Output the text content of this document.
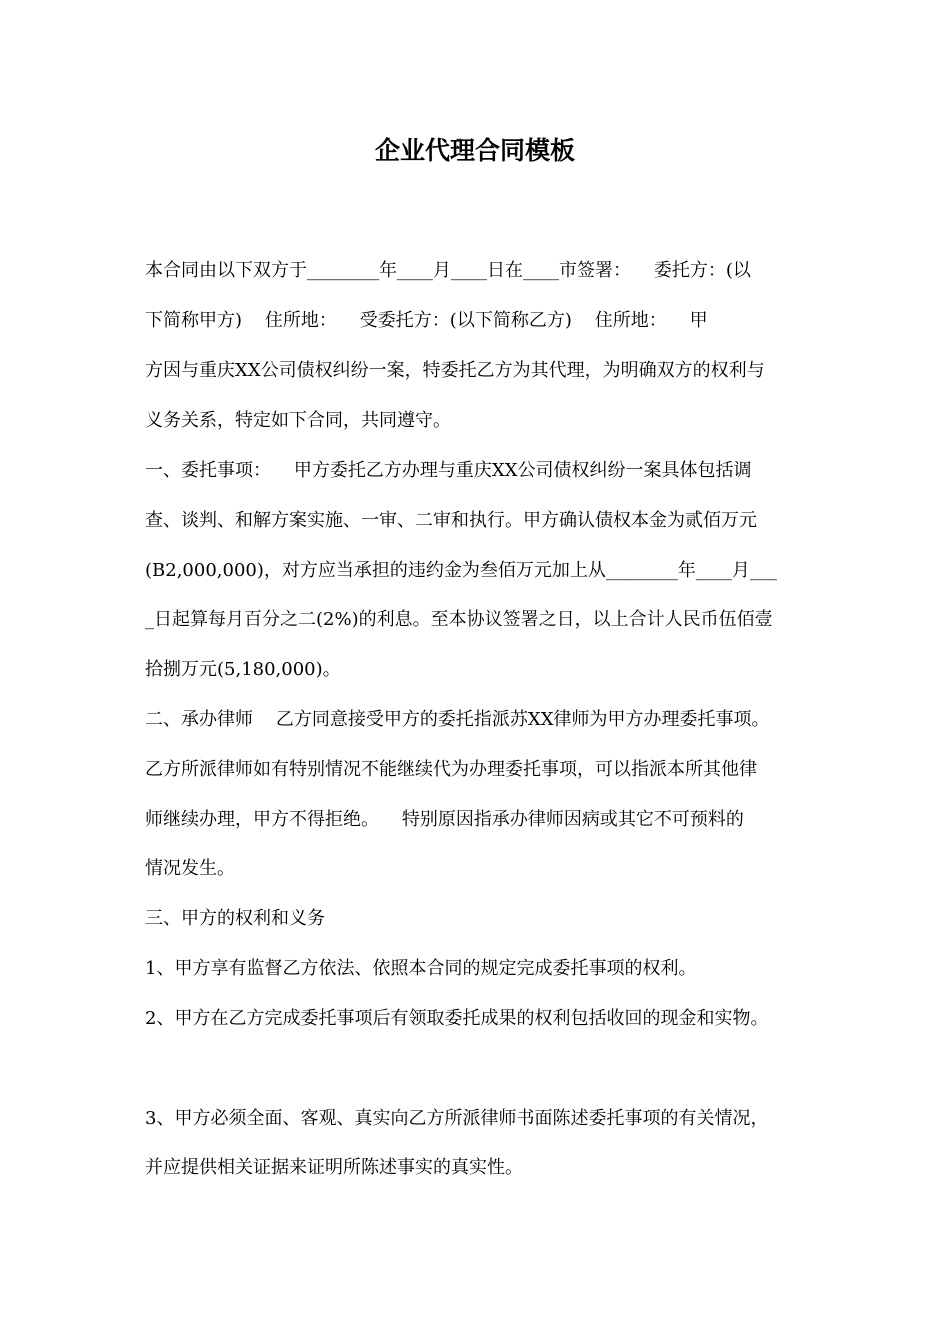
企业代理合同模板
本合同由以下双方于________年____月____日在____市签署：    委托方：(以
下简称甲方)    住所地：    受委托方：(以下简称乙方)    住所地：    甲
方因与重庆XX公司债权纠纷一案，特委托乙方为其代理，为明确双方的权利与
义务关系，特定如下合同，共同遵守。
一、委托事项：    甲方委托乙方办理与重庆XX公司债权纠纷一案具体包括调
查、谈判、和解方案实施、一审、二审和执行。甲方确认债权本金为贰佰万元
(B2,000,000)，对方应当承担的违约金为叁佰万元加上从________年____月___
_日起算每月百分之二(2%)的利息。至本协议签署之日，以上合计人民币伍佰壹
拾捌万元(5,180,000)。
二、承办律师    乙方同意接受甲方的委托指派苏XX律师为甲方办理委托事项。
乙方所派律师如有特别情况不能继续代为办理委托事项，可以指派本所其他律
师继续办理，甲方不得拒绝。    特别原因指承办律师因病或其它不可预料的
情况发生。
三、甲方的权利和义务
1、甲方享有监督乙方依法、依照本合同的规定完成委托事项的权利。
2、甲方在乙方完成委托事项后有领取委托成果的权利包括收回的现金和实物。
3、甲方必须全面、客观、真实向乙方所派律师书面陈述委托事项的有关情况，
并应提供相关证据来证明所陈述事实的真实性。
